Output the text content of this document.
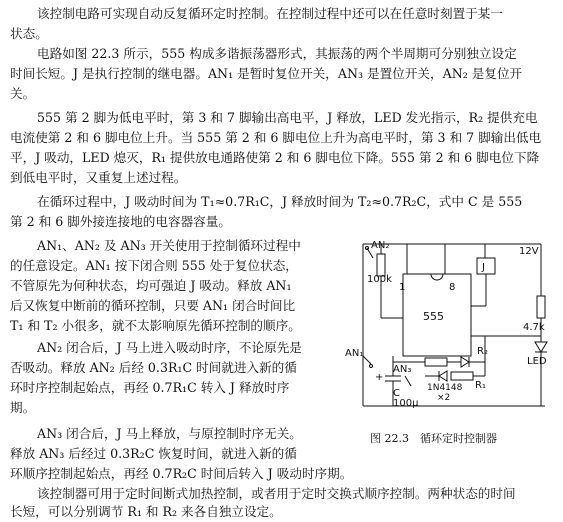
该控制电路可实现自动反复循环定时控制。在控制过程中还可以在任意时刻置于某一
状态。
电路如图 22.3 所示，555 构成多谐振荡器形式，其振荡的两个半周期可分别独立设定
时间长短。J 是执行控制的继电器。AN₁ 是暂时复位开关，AN₃ 是置位开关，AN₂ 是复位开
关。
555 第 2 脚为低电平时，第 3 和 7 脚输出高电平，J 释放，LED 发光指示，R₂ 提供充电
电流使第 2 和 6 脚电位上升。当 555 第 2 和 6 脚电位上升为高电平时，第 3 和 7 脚输出低电
平，J 吸动，LED 熄灭，R₁ 提供放电通路使第 2 和 6 脚电位下降。555 第 2 和 6 脚电位下降
到低电平时，又重复上述过程。
在循环过程中，J 吸动时间为 T₁≈0.7R₁C，J 释放时间为 T₂≈0.7R₂C，式中 C 是 555
第 2 和 6 脚外接连接地的电容器容量。
AN₁、AN₂ 及 AN₃ 开关使用于控制循环过程中
的任意设定。AN₁ 按下闭合则 555 处于复位状态，
不管原先为何种状态，均可强迫 J 吸动。释放 AN₁
后又恢复中断前的循环控制，只要 AN₁ 闭合时间比
T₁ 和 T₂ 小很多，就不太影响原先循环控制的顺序。
AN₂ 闭合后，J 马上进入吸动时序，不论原先是
否吸动。释放 AN₂ 后经 0.3R₁C 时间就进入新的循
环时序控制起始点，再经 0.7R₁C 转入 J 释放时序
期。
AN₃ 闭合后，J 马上释放，与原控制时序无关。
释放 AN₃ 后经过 0.3R₂C 恢复时间，就进入新的循
环顺序控制起始点，再经 0.7R₂C 时间后转入 J 吸动时序期。
该控制器可用于定时间断式加热控制，或者用于定时交换式顺序控制。两种状态的时间
长短，可以分别调节 R₁ 和 R₂ 来各自独立设定。
AN₂
100k
1	8
555
12V
J
4.7k
LED
AN₁
AN₃
+
C
100μ
R₂
R₁
1N4148
×2
图 22.3　循环定时控制器
